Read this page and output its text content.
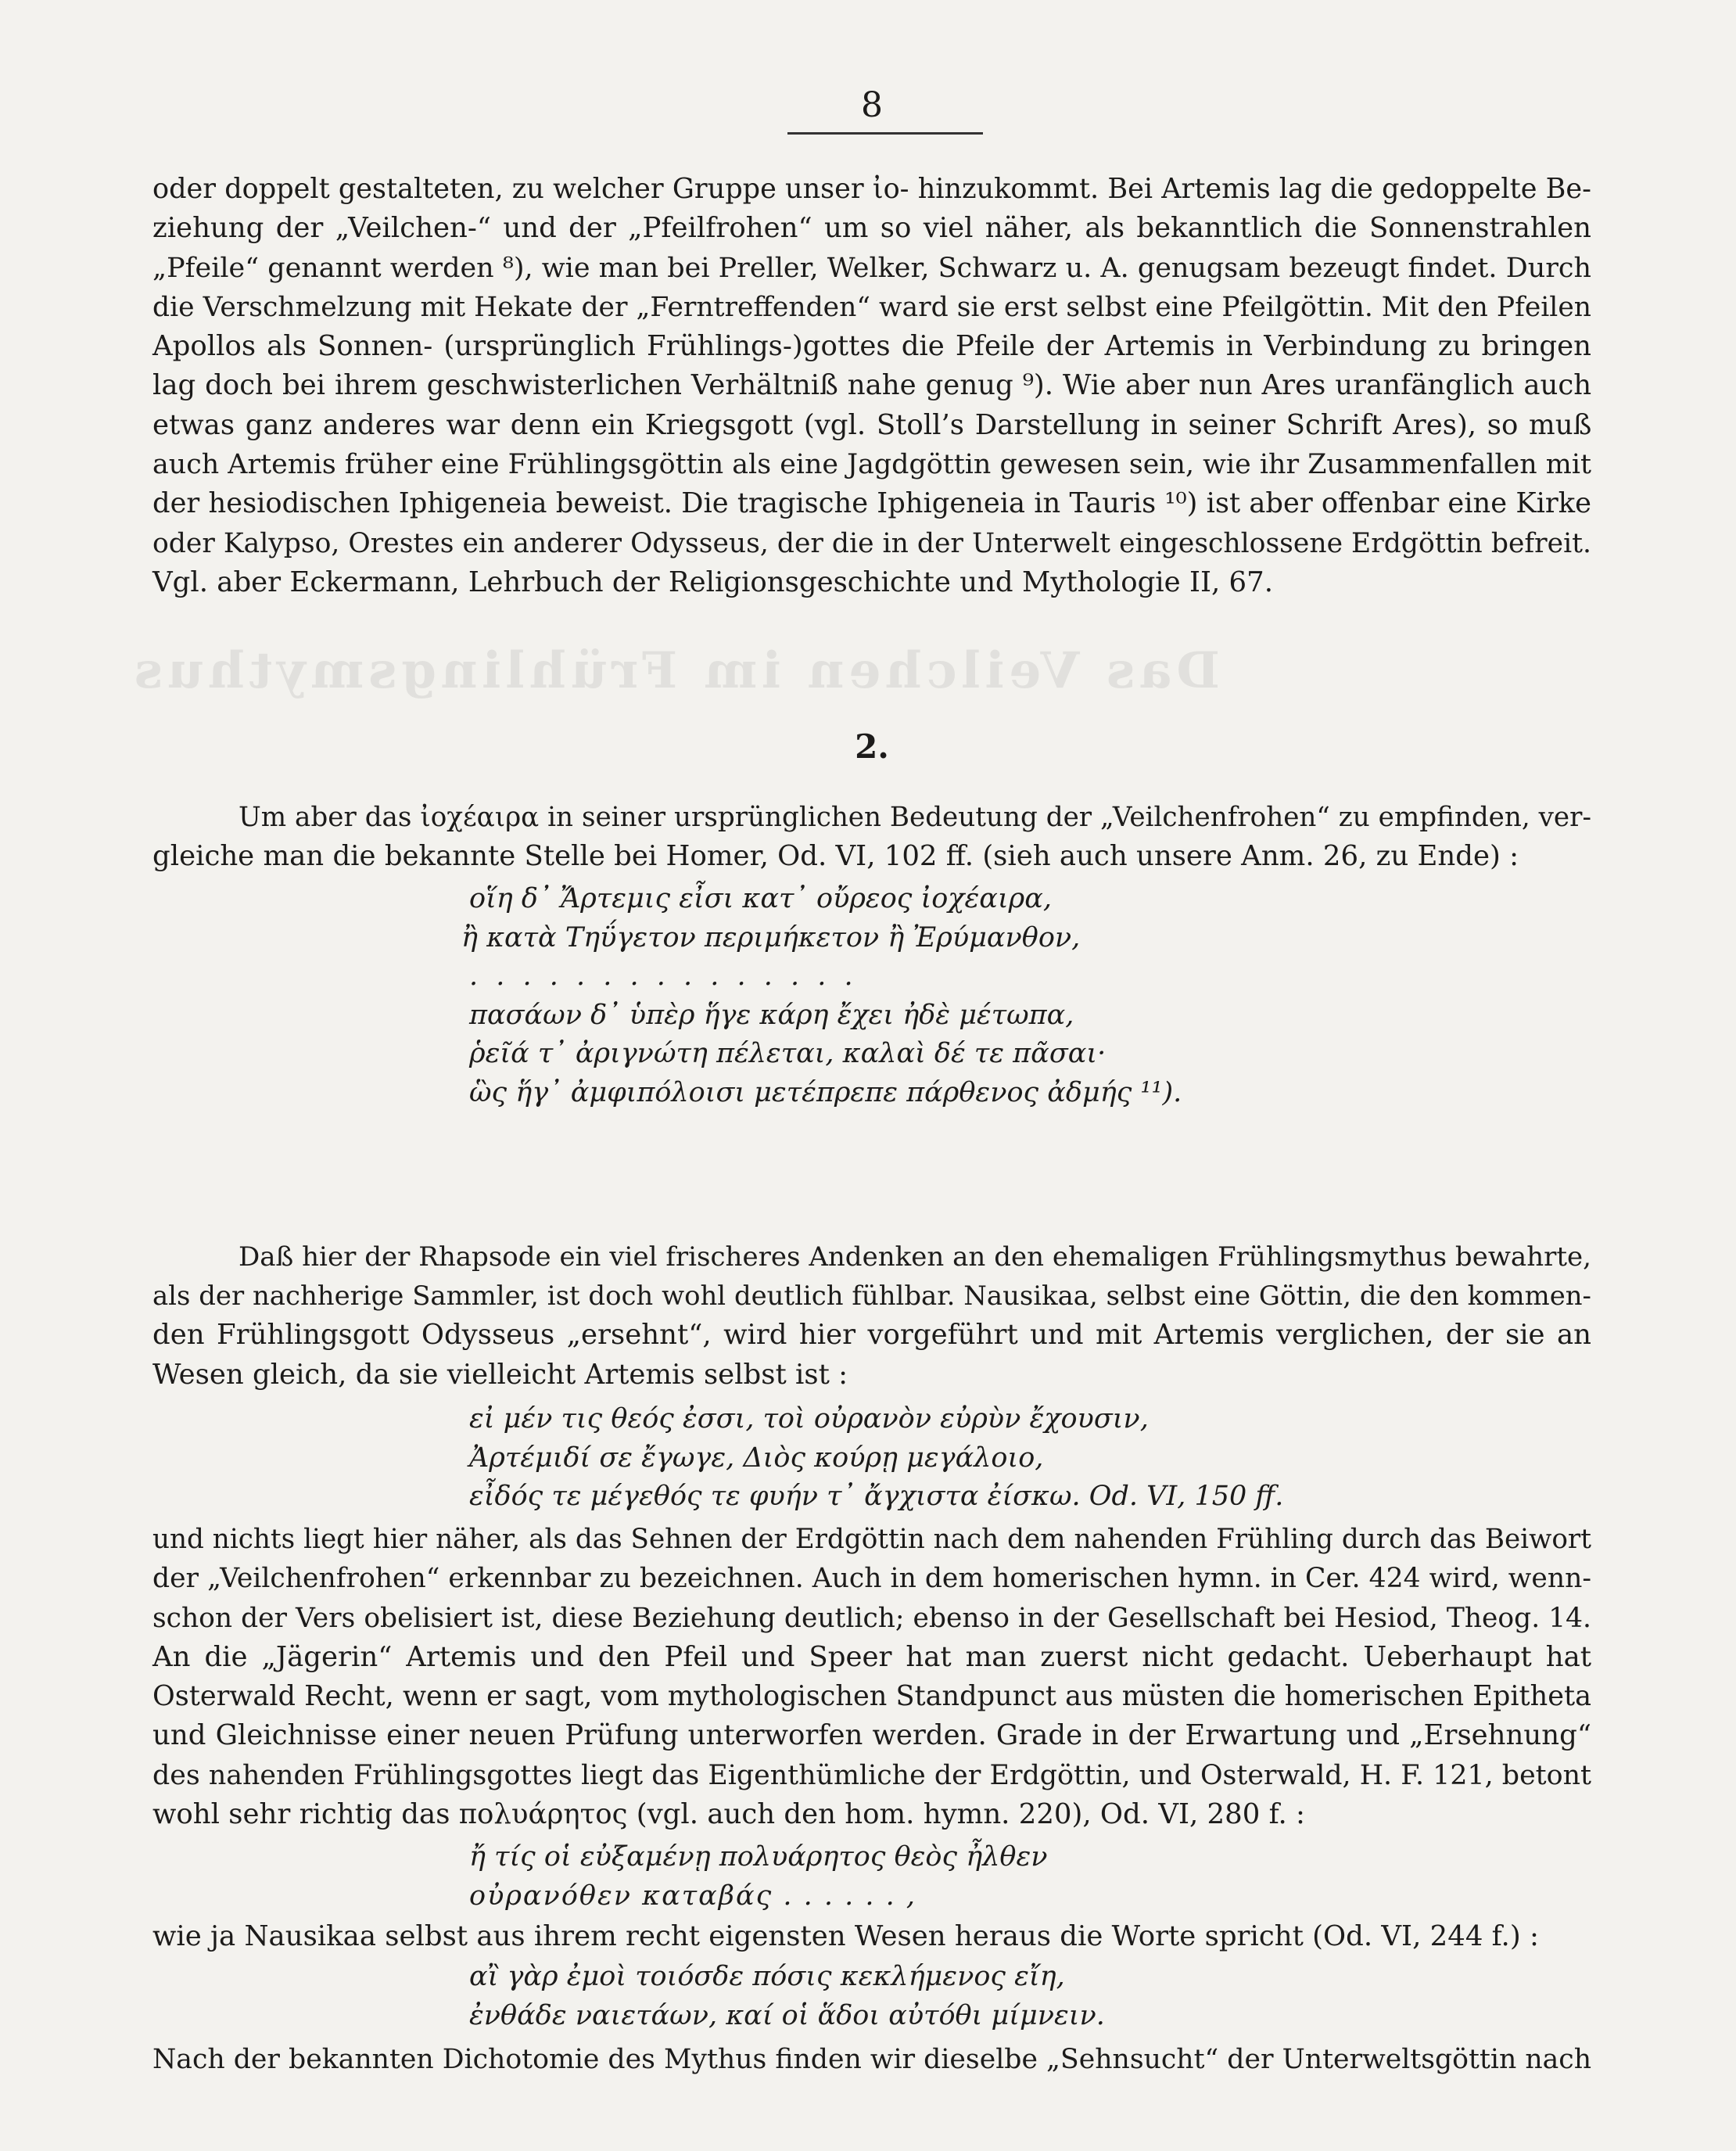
Das Veilchen im Frühlingsmythus
8
oder doppelt gestalteten, zu welcher Gruppe unser ἰο- hinzukommt. Bei Artemis lag die gedoppelte Be-
ziehung der „Veilchen-“ und der „Pfeilfrohen“ um so viel näher, als bekanntlich die Sonnenstrahlen
„Pfeile“ genannt werden ⁸), wie man bei Preller, Welker, Schwarz u. A. genugsam bezeugt findet. Durch
die Verschmelzung mit Hekate der „Ferntreffenden“ ward sie erst selbst eine Pfeilgöttin. Mit den Pfeilen
Apollos als Sonnen- (ursprünglich Frühlings-)gottes die Pfeile der Artemis in Verbindung zu bringen
lag doch bei ihrem geschwisterlichen Verhältniß nahe genug ⁹). Wie aber nun Ares uranfänglich auch
etwas ganz anderes war denn ein Kriegsgott (vgl. Stoll’s Darstellung in seiner Schrift Ares), so muß
auch Artemis früher eine Frühlingsgöttin als eine Jagdgöttin gewesen sein, wie ihr Zusammenfallen mit
der hesiodischen Iphigeneia beweist. Die tragische Iphigeneia in Tauris ¹⁰) ist aber offenbar eine Kirke
oder Kalypso, Orestes ein anderer Odysseus, der die in der Unterwelt eingeschlossene Erdgöttin befreit.
Vgl. aber Eckermann, Lehrbuch der Religionsgeschichte und Mythologie II, 67.
2.
Um aber das ἰοχέαιρα in seiner ursprünglichen Bedeutung der „Veilchenfrohen“ zu empfinden, ver-
gleiche man die bekannte Stelle bei Homer, Od. VI, 102 ff. (sieh auch unsere Anm. 26, zu Ende) :
οἵη δ᾽ Ἄρτεμις εἶσι κατ᾽ οὔρεος ἰοχέαιρα,
ἢ κατὰ Τηΰγετον περιμήκετον ἢ Ἐρύμανθον,
. . . . . . . . . . . . . . .
πασάων δ᾽ ὑπὲρ ἥγε κάρη ἔχει ἠδὲ μέτωπα,
ῥεῖά τ᾽ ἀριγνώτη πέλεται, καλαὶ δέ τε πᾶσαι·
ὣς ἥγ᾽ ἀμφιπόλοισι μετέπρεπε πάρθενος ἀδμής ¹¹).
Daß hier der Rhapsode ein viel frischeres Andenken an den ehemaligen Frühlingsmythus bewahrte,
als der nachherige Sammler, ist doch wohl deutlich fühlbar. Nausikaa, selbst eine Göttin, die den kommen-
den Frühlingsgott Odysseus „ersehnt“, wird hier vorgeführt und mit Artemis verglichen, der sie an
Wesen gleich, da sie vielleicht Artemis selbst ist :
εἰ μέν τις θεός ἐσσι, τοὶ οὐρανὸν εὐρὺν ἔχουσιν,
Ἀρτέμιδί σε ἔγωγε, Διὸς κούρῃ μεγάλοιο,
εἶδός τε μέγεθός τε φυήν τ᾽ ἄγχιστα ἐίσκω. Od. VI, 150 ff.
und nichts liegt hier näher, als das Sehnen der Erdgöttin nach dem nahenden Frühling durch das Beiwort
der „Veilchenfrohen“ erkennbar zu bezeichnen. Auch in dem homerischen hymn. in Cer. 424 wird, wenn-
schon der Vers obelisiert ist, diese Beziehung deutlich; ebenso in der Gesellschaft bei Hesiod, Theog. 14.
An die „Jägerin“ Artemis und den Pfeil und Speer hat man zuerst nicht gedacht. Ueberhaupt hat
Osterwald Recht, wenn er sagt, vom mythologischen Standpunct aus müsten die homerischen Epitheta
und Gleichnisse einer neuen Prüfung unterworfen werden. Grade in der Erwartung und „Ersehnung“
des nahenden Frühlingsgottes liegt das Eigenthümliche der Erdgöttin, und Osterwald, H. F. 121, betont
wohl sehr richtig das πολυάρητος (vgl. auch den hom. hymn. 220), Od. VI, 280 f. :
ἤ τίς οἱ εὐξαμένῃ πολυάρητος θεὸς ἦλθεν
οὐρανόθεν καταβάς . . . . . . ,
wie ja Nausikaa selbst aus ihrem recht eigensten Wesen heraus die Worte spricht (Od. VI, 244 f.) :
αἲ γὰρ ἐμοὶ τοιόσδε πόσις κεκλήμενος εἴη,
ἐνθάδε ναιετάων, καί οἱ ἅδοι αὐτόθι μίμνειν.
Nach der bekannten Dichotomie des Mythus finden wir dieselbe „Sehnsucht“ der Unterweltsgöttin nach
